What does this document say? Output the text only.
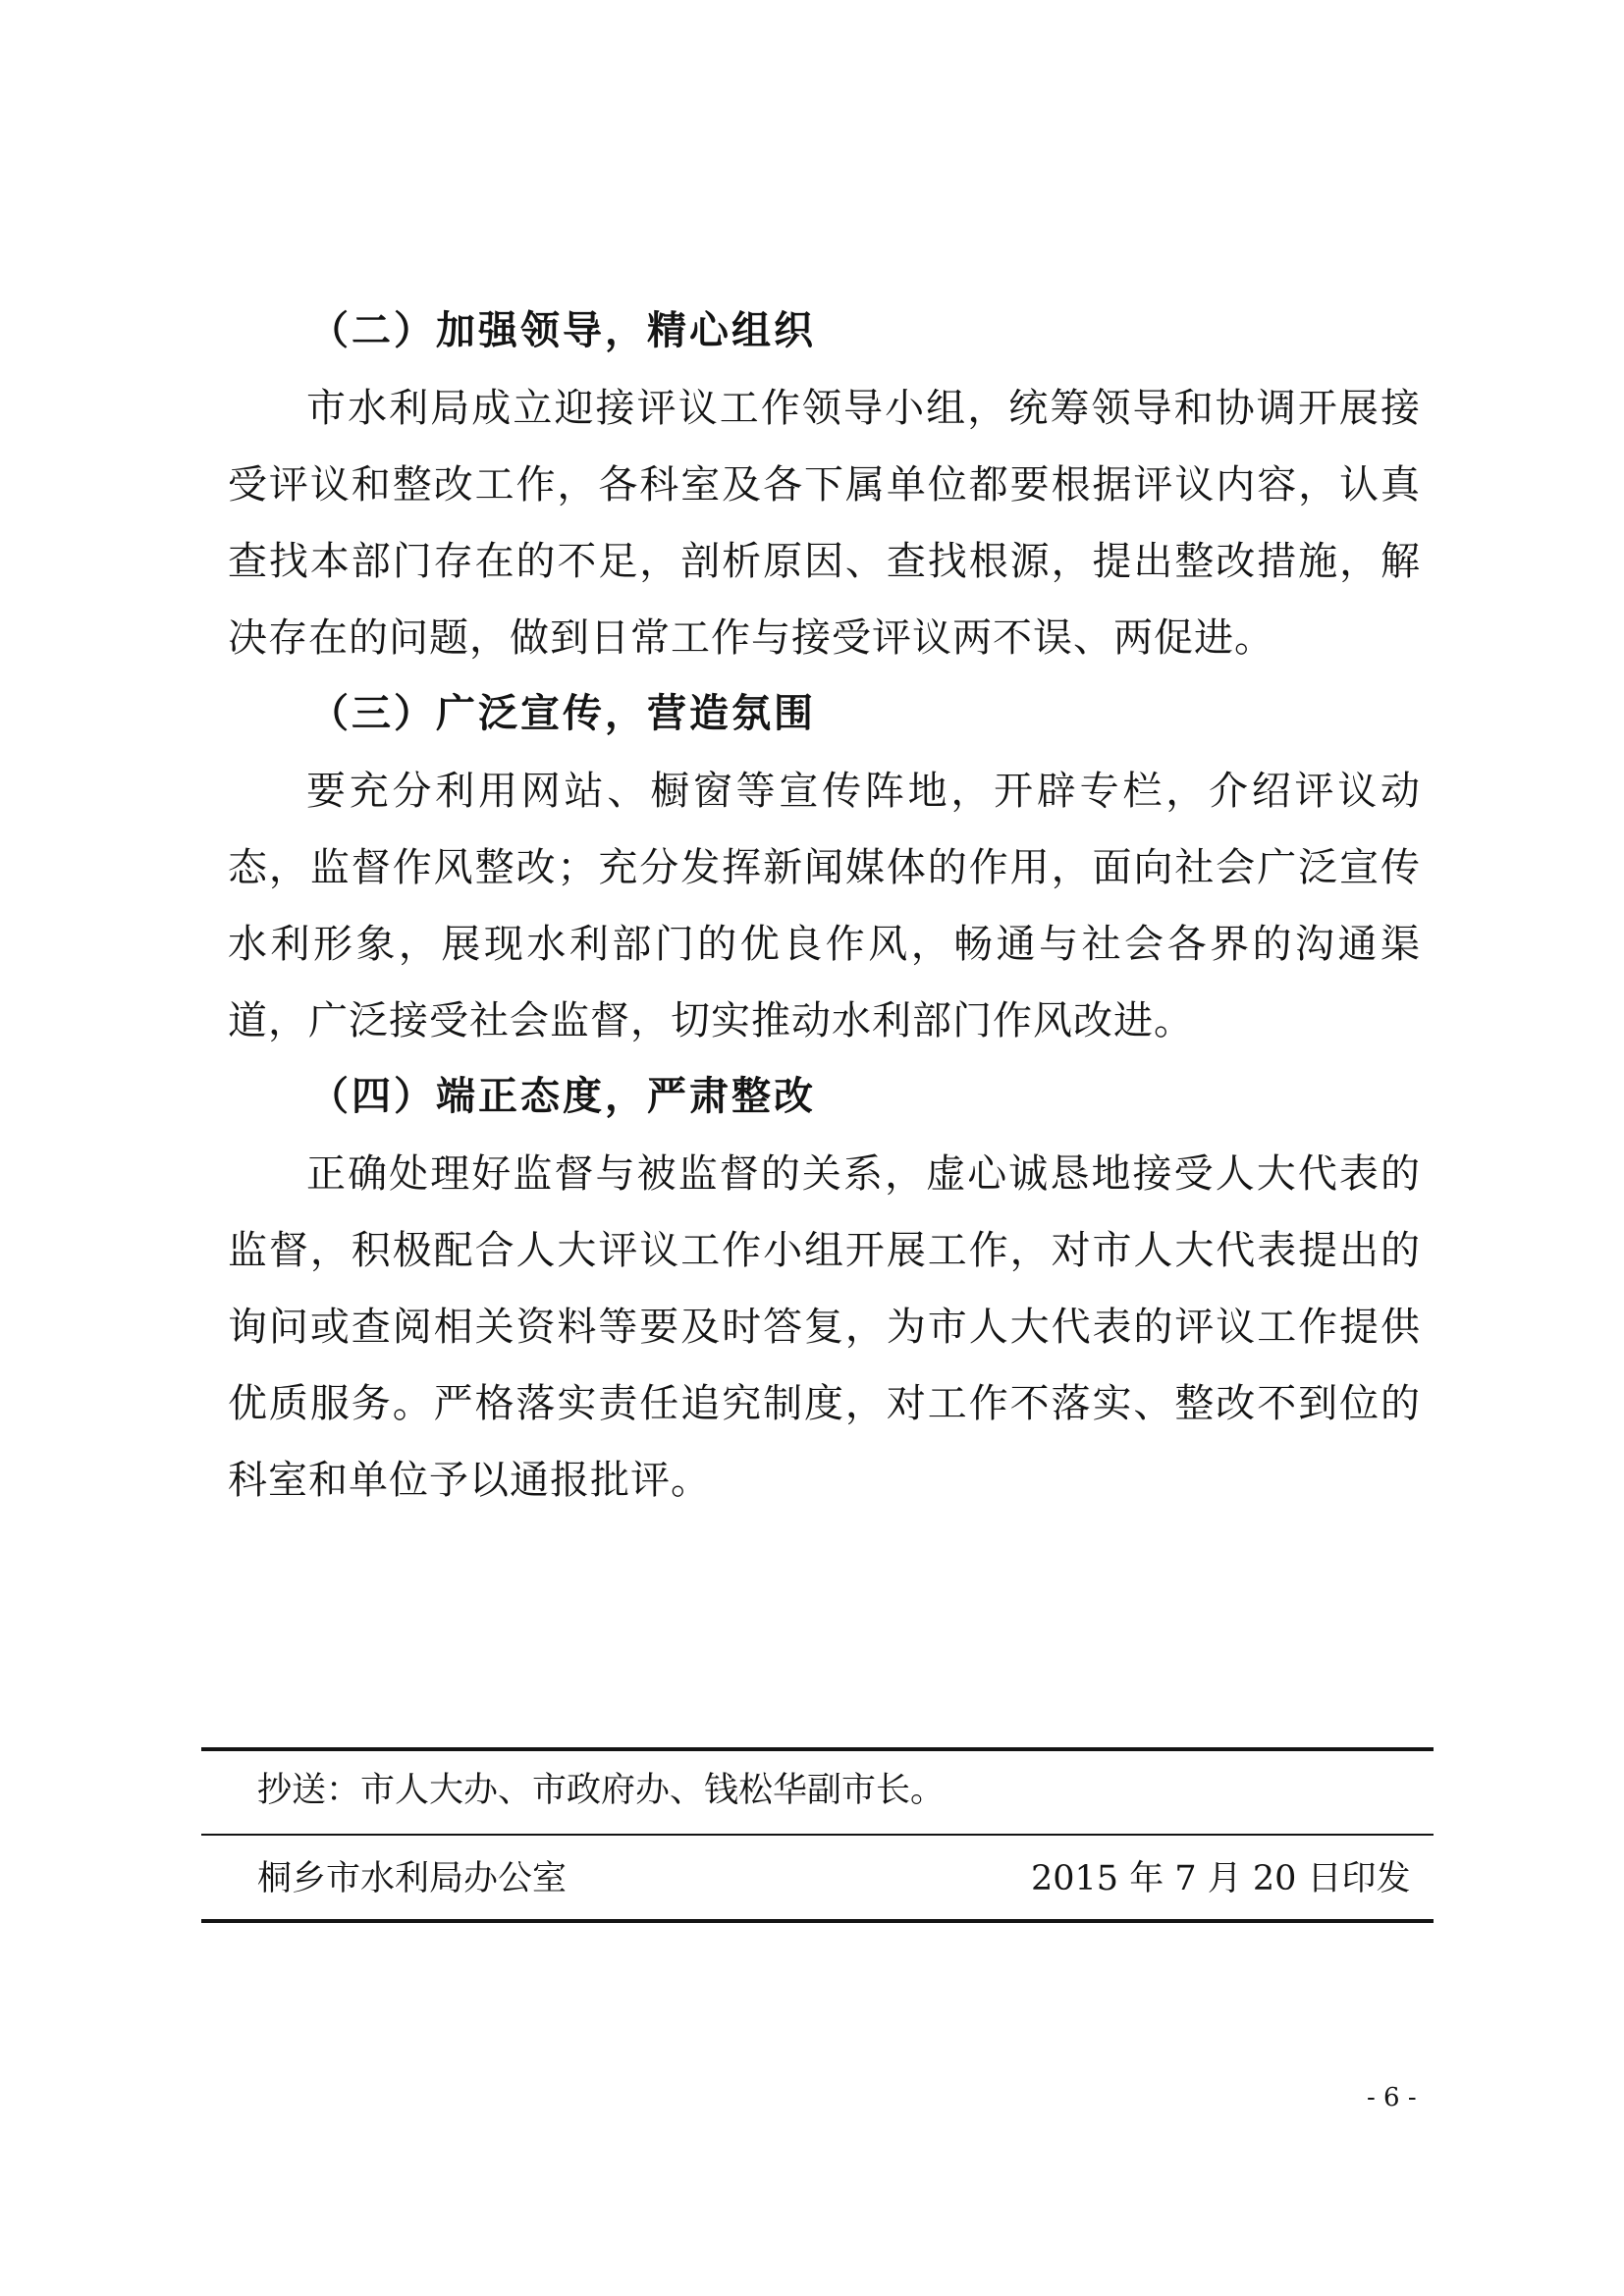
（二）加强领导，精心组织

市水利局成立迎接评议工作领导小组，统筹领导和协调开展接受评议和整改工作，各科室及各下属单位都要根据评议内容，认真查找本部门存在的不足，剖析原因、查找根源，提出整改措施，解决存在的问题，做到日常工作与接受评议两不误、两促进。

（三）广泛宣传，营造氛围

要充分利用网站、橱窗等宣传阵地，开辟专栏，介绍评议动态，监督作风整改；充分发挥新闻媒体的作用，面向社会广泛宣传水利形象，展现水利部门的优良作风，畅通与社会各界的沟通渠道，广泛接受社会监督，切实推动水利部门作风改进。

（四）端正态度，严肃整改

正确处理好监督与被监督的关系，虚心诚恳地接受人大代表的监督，积极配合人大评议工作小组开展工作，对市人大代表提出的询问或查阅相关资料等要及时答复，为市人大代表的评议工作提供优质服务。严格落实责任追究制度，对工作不落实、整改不到位的科室和单位予以通报批评。

抄送：市人大办、市政府办、钱松华副市长。
桐乡市水利局办公室	2015 年 7 月 20 日印发
- 6 -
